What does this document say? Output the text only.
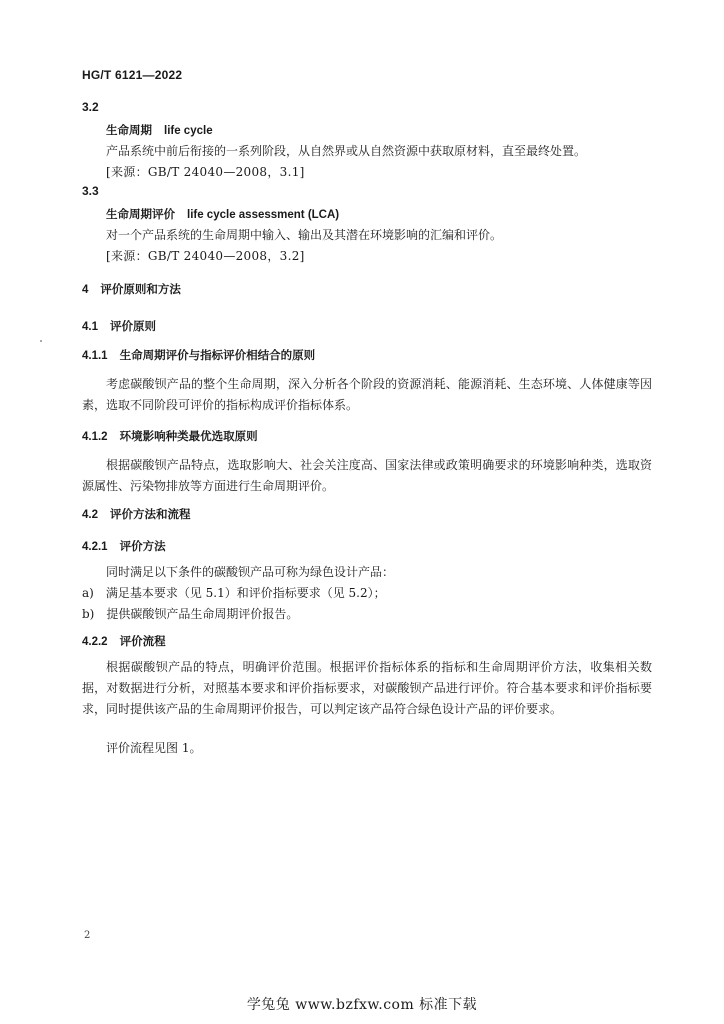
HG/T 6121—2022
3.2
生命周期 life cycle
产品系统中前后衔接的一系列阶段，从自然界或从自然资源中获取原材料，直至最终处置。
[来源：GB/T 24040—2008，3.1]
3.3
生命周期评价 life cycle assessment (LCA)
对一个产品系统的生命周期中输入、输出及其潜在环境影响的汇编和评价。
[来源：GB/T 24040—2008，3.2]
4 评价原则和方法
4.1 评价原则
4.1.1 生命周期评价与指标评价相结合的原则
考虑碳酸钡产品的整个生命周期，深入分析各个阶段的资源消耗、能源消耗、生态环境、人体健康等因素，选取不同阶段可评价的指标构成评价指标体系。
4.1.2 环境影响种类最优选取原则
根据碳酸钡产品特点，选取影响大、社会关注度高、国家法律或政策明确要求的环境影响种类，选取资源属性、污染物排放等方面进行生命周期评价。
4.2 评价方法和流程
4.2.1 评价方法
同时满足以下条件的碳酸钡产品可称为绿色设计产品：
a)　满足基本要求（见 5.1）和评价指标要求（见 5.2）；
b)　提供碳酸钡产品生命周期评价报告。
4.2.2 评价流程
根据碳酸钡产品的特点，明确评价范围。根据评价指标体系的指标和生命周期评价方法，收集相关数据，对数据进行分析，对照基本要求和评价指标要求，对碳酸钡产品进行评价。符合基本要求和评价指标要求，同时提供该产品的生命周期评价报告，可以判定该产品符合绿色设计产品的评价要求。
评价流程见图 1。
2
学兔兔 www.bzfxw.com 标准下载
